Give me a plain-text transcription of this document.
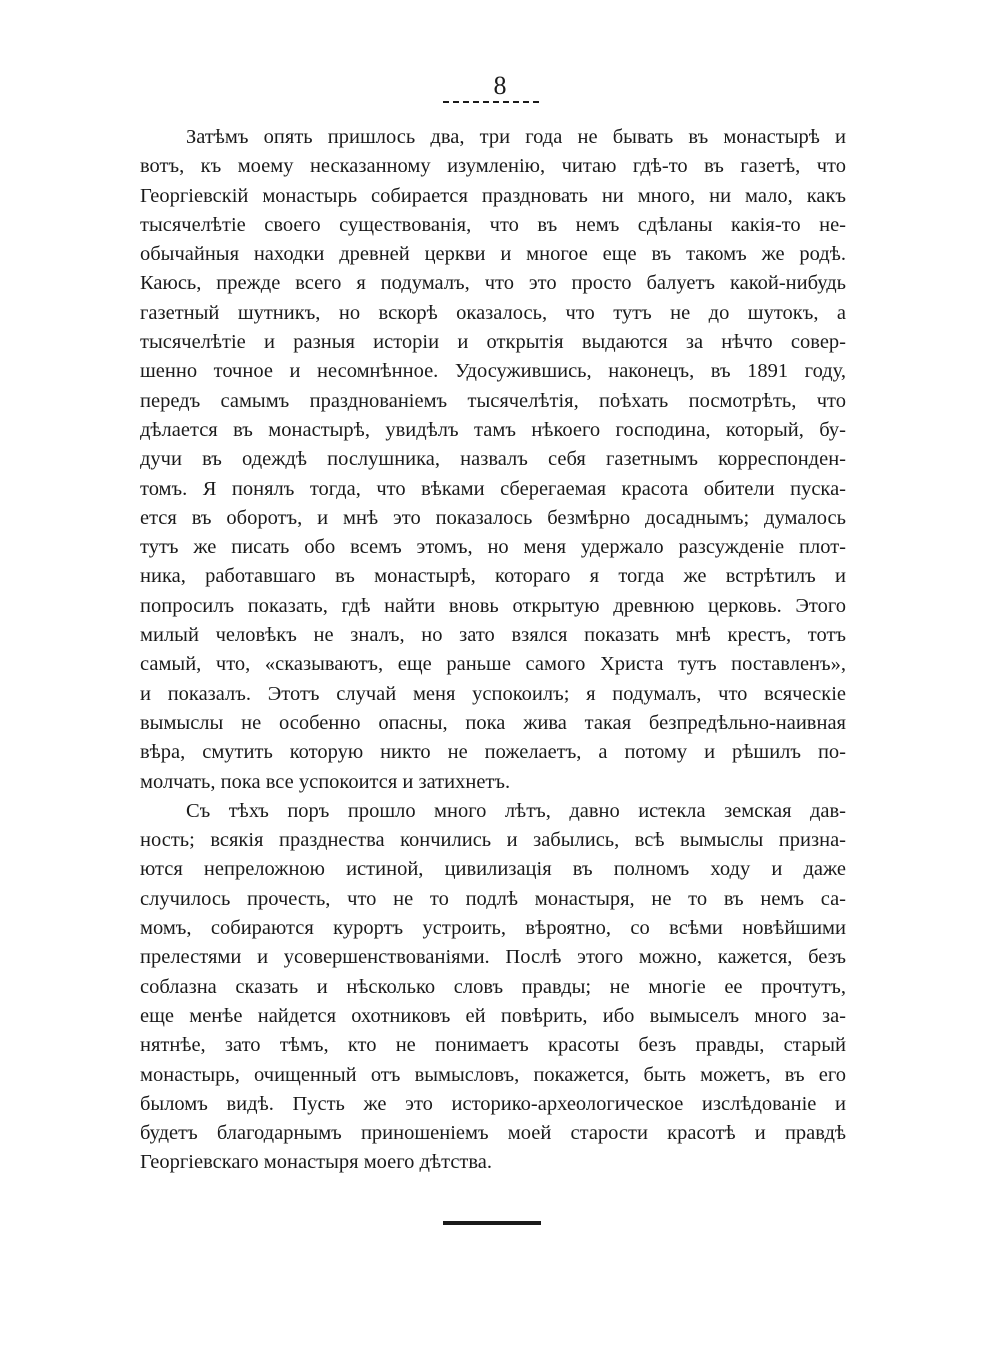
8
Затѣмъ опять пришлось два, три года не бывать въ монастырѣ и
вотъ, къ моему несказанному изумленію, читаю гдѣ-то въ газетѣ, что
Георгіевскій монастырь собирается праздновать ни много, ни мало, какъ
тысячелѣтіе своего существованія, что въ немъ сдѣланы какія-то не-
обычайныя находки древней церкви и многое еще въ такомъ же родѣ.
Каюсь, прежде всего я подумалъ, что это просто балуетъ какой-нибудь
газетный шутникъ, но вскорѣ оказалось, что тутъ не до шутокъ, а
тысячелѣтіе и разныя исторіи и открытія выдаются за нѣчто совер-
шенно точное и несомнѣнное. Удосужившись, наконецъ, въ 1891 году,
передъ самымъ празднованіемъ тысячелѣтія, поѣхать посмотрѣть, что
дѣлается въ монастырѣ, увидѣлъ тамъ нѣкоего господина, который, бу-
дучи въ одеждѣ послушника, назвалъ себя газетнымъ корреспонден-
томъ. Я понялъ тогда, что вѣками сберегаемая красота обители пуска-
ется въ оборотъ, и мнѣ это показалось безмѣрно досаднымъ; думалось
тутъ же писать обо всемъ этомъ, но меня удержало разсужденіе плот-
ника, работавшаго въ монастырѣ, котораго я тогда же встрѣтилъ и
попросилъ показать, гдѣ найти вновь открытую древнюю церковь. Этого
милый человѣкъ не зналъ, но зато взялся показать мнѣ крестъ, тотъ
самый, что, «сказываютъ, еще раньше самого Христа тутъ поставленъ»,
и показалъ. Этотъ случай меня успокоилъ; я подумалъ, что всяческіе
вымыслы не особенно опасны, пока жива такая безпредѣльно-наивная
вѣра, смутить которую никто не пожелаетъ, а потому и рѣшилъ по-
молчать, пока все успокоится и затихнетъ.
Съ тѣхъ поръ прошло много лѣтъ, давно истекла земская дав-
ность; всякія празднества кончились и забылись, всѣ вымыслы призна-
ются непреложною истиной, цивилизація въ полномъ ходу и даже
случилось прочесть, что не то подлѣ монастыря, не то въ немъ са-
момъ, собираются курортъ устроить, вѣроятно, со всѣми новѣйшими
прелестями и усовершенствованіями. Послѣ этого можно, кажется, безъ
соблазна сказать и нѣсколько словъ правды; не многіе ее прочтутъ,
еще менѣе найдется охотниковъ ей повѣрить, ибо вымыселъ много за-
нятнѣе, зато тѣмъ, кто не понимаетъ красоты безъ правды, старый
монастырь, очищенный отъ вымысловъ, покажется, быть можетъ, въ его
быломъ видѣ. Пусть же это историко-археологическое изслѣдованіе и
будетъ благодарнымъ приношеніемъ моей старости красотѣ и правдѣ
Георгіевскаго монастыря моего дѣтства.
